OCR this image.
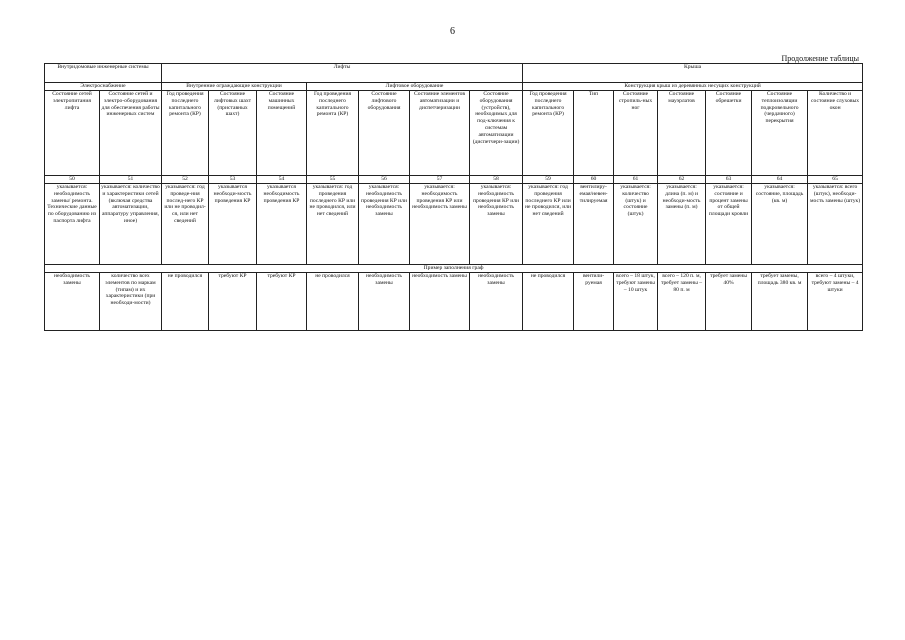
6
Продолжение таблицы
Внутридомовые инженерные системы		Лифты							Крыша						
Электроснабжение		Внутренние ограждающие конструкции			Лифтовое оборудование				Конструкция крыш из деревянных несущих конструкций						
Состояние сетей электропитания лифта	Состояние сетей и электро-оборудования для обеспечения работы инженерных систем	Год проведения последнего капитального ремонта (КР)	Состояние лифтовых шахт (приставных шахт)	Состояние машинных помещений	Год проведения последнего капитального ремонта (КР)	Состояние лифтового оборудования	Состояние элементов автоматизации и диспетчеризации	Состояние оборудования (устройств), необходимых для под-ключения к системам автоматизации (диспетчери-зации)	Год проведения последнего капитального ремонта (КР)	Тип	Состояние стропиль-ных ног	Состояние мауэрлатов	Состояние обрешетки	Состояние теплоизоляции подкровельного (чердачного) перекрытия	Количество и состояние слуховых окон
50	51	52	53	54	55	56	57	58	59	60	61	62	63	64	65
указывается: необходимость замены/ ремонта. Технические данные по оборудованию из паспорта лифта	указывается: количество и характеристики сетей (включая средства автоматизации, аппаратуру управления, иное)	указывается: год проведе-ния послед-него КР или не проводил-ся, или нет сведений	указывается необходи-мость проведения КР	указывается необходимость проведения КР	указывается: год проведения последнего КР или не проводился, или нет сведений	указывается: необходимость проведения КР или необходимость замены	указывается: необходимость проведения КР или необходимость замены	указывается: необходимость проведения КР или необходимость замены	указывается: год проведения последнего КР или не проводился, или нет сведений	вентилиру-емая/невен-тилируемая	указывается: количество (штук) и состояние (штук)	указывается: длина (п. м) и необходи-мость замены (п. м)	указывается: состояние и процент замены от общей площади кровли	указывается: состояние, площадь (кв. м)	указывается: всего (штук), необходи-мость замены (штук)
Пример заполнения граф															
необходимость замены	количество всех элементов по маркам (типам) и их характеристики (при необходи-мости)	не проводился	требуют КР	требуют КР	не проводился	необходимость замены	необходимость замены	необходимость замены	не проводился	вентили-руемая	всего – 18 штук, требуют замены – 10 штук	всего – 120 п. м, требует замены – 80 п. м	требует замены 40%	требует замены, площадь 380 кв. м	всего – 4 штуки, требуют замены – 4 штуки
